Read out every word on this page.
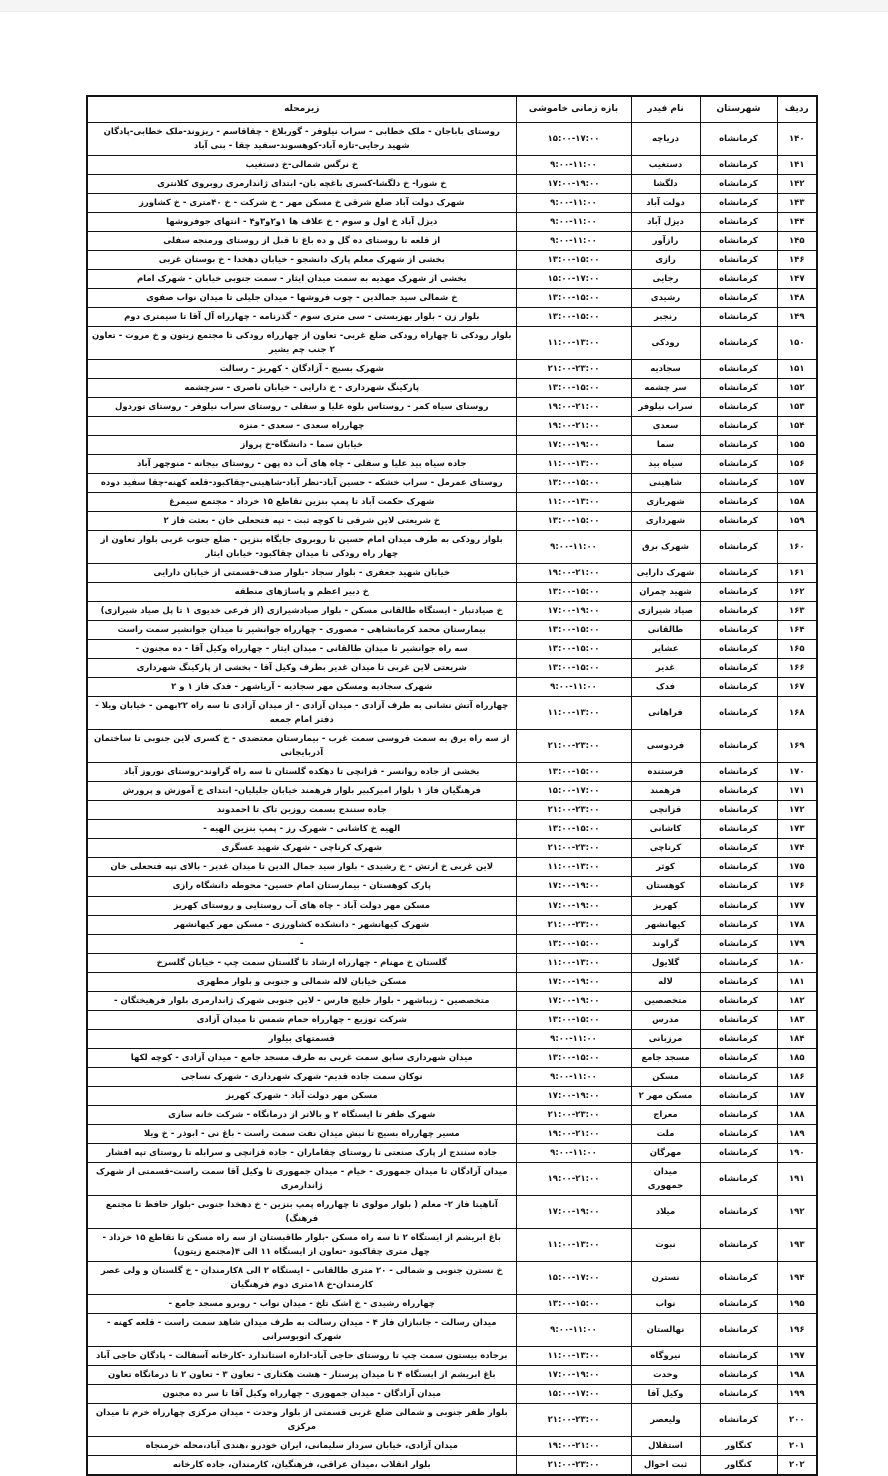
ردیف	شهرستان	نام فیدر	بازه زمانی خاموشی	زیرمحله
۱۴۰	کرمانشاه	دریاچه	۱۵:۰۰-۱۷:۰۰	روستای باباجان - ملک خطابی - سراب نیلوفر - گوربلاغ - چقاقاسم - ریزوند-ملک خطابی-پادگان شهید رجایی-تازه آباد-کوهسوند-سفید چقا - بنی آباد
۱۴۱	کرمانشاه	دستغیب	۹:۰۰-۱۱:۰۰	خ نرگس شمالی-خ دستغیب
۱۴۲	کرمانشاه	دلگشا	۱۷:۰۰-۱۹:۰۰	خ شورا- خ دلگشا-کسری باغچه بان- ابتدای ژاندارمری روبروی کلانتری
۱۴۳	کرمانشاه	دولت آباد	۹:۰۰-۱۱:۰۰	شهرک دولت آباد ضلع شرقی خ مسکن مهر - خ شرکت - خ ۴۰متری - خ کشاورز
۱۴۴	کرمانشاه	دیزل آباد	۹:۰۰-۱۱:۰۰	دیزل آباد خ اول و سوم - خ علاف ها ۱و۲و۳و۴ - انتهای جوفروشها
۱۴۵	کرمانشاه	رازآور	۹:۰۰-۱۱:۰۰	از قلعه تا روستای ده گل و ده باغ تا قبل از روستای ورمنجه سفلی
۱۴۶	کرمانشاه	رازی	۱۳:۰۰-۱۵:۰۰	بخشی از شهرک معلم پارک دانشجو - خیابان دهخدا - خ بوستان غربی
۱۴۷	کرمانشاه	رجایی	۱۵:۰۰-۱۷:۰۰	بخشی از شهرک مهدیه به سمت میدان ایثار - سمت جنوبی خیابان - شهرک امام
۱۴۸	کرمانشاه	رشیدی	۱۳:۰۰-۱۵:۰۰	خ شمالی سید جمالدین - چوب فروشها - میدان جلیلی تا میدان نواب صفوی
۱۴۹	کرمانشاه	رنجبر	۱۳:۰۰-۱۵:۰۰	بلوار زن - بلوار بهزیستی - سی متری سوم - گذرنامه - چهارراه آل آقا تا سیمتری دوم
۱۵۰	کرمانشاه	رودکی	۱۱:۰۰-۱۳:۰۰	بلوار رودکی تا چهاراه رودکی ضلع غربی- تعاون از چهارراه رودکی تا مجتمع زیتون و خ مروت - تعاون ۲ جنب چم بشیر
۱۵۱	کرمانشاه	سجادیه	۲۱:۰۰-۲۳:۰۰	شهرک بسیج - آزادگان - کهریز - رسالت
۱۵۲	کرمانشاه	سر چشمه	۱۳:۰۰-۱۵:۰۰	پارکینگ شهرداری - خ دارایی - خیابان ناصری - سرچشمه
۱۵۳	کرمانشاه	سراب نیلوفر	۱۹:۰۰-۲۱:۰۰	روستای سیاه کمر - روستاس بلوه علیا و سفلی - روستای سراب نیلوفر - روستای توردول
۱۵۴	کرمانشاه	سعدی	۱۹:۰۰-۲۱:۰۰	چهارراه سعدی - سعدی - منزه
۱۵۵	کرمانشاه	سما	۱۷:۰۰-۱۹:۰۰	خیابان سما - دانشگاه-خ پرواز
۱۵۶	کرمانشاه	سیاه بید	۱۱:۰۰-۱۳:۰۰	جاده سیاه بید علیا و سفلی - چاه های آب ده پهن - روستای بیجانه - منوچهر آباد
۱۵۷	کرمانشاه	شاهینی	۱۳:۰۰-۱۵:۰۰	روستای عمرمل - سراب خشکه - حسین آباد-نظر آباد-شاهینی-چقاکبود-قلعه کهنه-چقا سفید دوده
۱۵۸	کرمانشاه	شهربازی	۱۱:۰۰-۱۳:۰۰	شهرک حکمت آباد تا پمپ بنزین تقاطع ۱۵ خرداد - مجتمع سیمرغ
۱۵۹	کرمانشاه	شهرداری	۱۳:۰۰-۱۵:۰۰	خ شریعتی لاین شرقی تا کوچه ثبت - تپه فتحعلی خان - بعثت فاز ۲
۱۶۰	کرمانشاه	شهرک برق	۹:۰۰-۱۱:۰۰	بلوار رودکی به طرف میدان امام حسین تا روبروی جایگاه بنزین - ضلع جنوب غربی بلوار تعاون از چهار راه رودکی تا میدان چقاکبود- خیابان ایثار
۱۶۱	کرمانشاه	شهرک دارایی	۱۹:۰۰-۲۱:۰۰	خیابان شهید جعفری - بلوار سجاد -بلوار صدف-قسمتی از خیابان دارایی
۱۶۲	کرمانشاه	شهید چمران	۱۳:۰۰-۱۵:۰۰	خ دبیر اعظم و پاساژهای منطقه
۱۶۳	کرمانشاه	صیاد شیرازی	۱۷:۰۰-۱۹:۰۰	خ صیادتبار - ایستگاه طالقانی مسکن - بلوار صیادشیرازی (از فرعی خدیوی ۱ تا پل صیاد شیرازی)
۱۶۴	کرمانشاه	طالقانی	۱۳:۰۰-۱۵:۰۰	بیمارستان محمد کرمانشاهی - مصوری - چهارراه جوانشیر تا میدان جوانشیر سمت راست
۱۶۵	کرمانشاه	عشایر	۱۳:۰۰-۱۵:۰۰	سه راه جوانشیر تا میدان طالقانی - میدان ایثار - چهارراه وکیل آقا - ده مجنون -
۱۶۶	کرمانشاه	غدیر	۱۳:۰۰-۱۵:۰۰	شریعتی لاین غربی تا میدان غدیر بطرف وکیل آقا - بخشی از پارکینگ شهرداری
۱۶۷	کرمانشاه	فدک	۹:۰۰-۱۱:۰۰	شهرک سجادیه ومسکن مهر سجادیه - آریاشهر - فدک فاز ۱ و ۲
۱۶۸	کرمانشاه	فراهانی	۱۱:۰۰-۱۳:۰۰	چهارراه آتش نشانی به طرف آزادی - میدان آزادی - از میدان آزادی تا سه راه ۲۲بهمن - خیابان ویلا - دفتر امام جمعه
۱۶۹	کرمانشاه	فردوسی	۲۱:۰۰-۲۳:۰۰	از سه راه برق به سمت فروسی سمت غرب - بیمارستان معتضدی - خ کسری لاین جنوبی تا ساختمان آذربایجانی
۱۷۰	کرمانشاه	فرستنده	۱۳:۰۰-۱۵:۰۰	بخشی از جاده روانسر - قزانچی تا دهکده گلستان تا سه راه گراوند-روستای نوروز آباد
۱۷۱	کرمانشاه	فرهمند	۱۵:۰۰-۱۷:۰۰	فرهنگیان فاز ۱ بلوار امیرکبیر بلوار فرهمند خیابان جلیلیان- ابتدای خ آموزش و پرورش
۱۷۲	کرمانشاه	قزانچی	۲۱:۰۰-۲۳:۰۰	جاده سنندج بسمت روزین تاک تا احمدوند
۱۷۳	کرمانشاه	کاشانی	۱۳:۰۰-۱۵:۰۰	الهیه خ کاشانی - شهرک رز - پمپ بنزین الهیه -
۱۷۴	کرمانشاه	کرناچی	۲۱:۰۰-۲۳:۰۰	شهرک کرناچی - شهرک شهید عسگری
۱۷۵	کرمانشاه	کوثر	۱۱:۰۰-۱۳:۰۰	لاین غربی خ ارتش - خ رشیدی - بلوار سید جمال الدین تا میدان غدیر - بالای تپه فتحعلی خان
۱۷۶	کرمانشاه	کوهستان	۱۷:۰۰-۱۹:۰۰	پارک کوهستان - بیمارستان امام حسین- محوطه دانشگاه رازی
۱۷۷	کرمانشاه	کهریز	۱۷:۰۰-۱۹:۰۰	مسکن مهر دولت آباد - چاه های آب روستایی و روستای کهریز
۱۷۸	کرمانشاه	کیهانشهر	۲۱:۰۰-۲۳:۰۰	شهرک کیهانشهر - دانشکده کشاورزی - مسکن مهر کیهانشهر
۱۷۹	کرمانشاه	گراوند	۱۳:۰۰-۱۵:۰۰	-
۱۸۰	کرمانشاه	گلایول	۱۱:۰۰-۱۳:۰۰	گلستان خ مهنام - چهارراه ارشاد تا گلستان سمت چپ - خیابان گلسرخ
۱۸۱	کرمانشاه	لاله	۱۷:۰۰-۱۹:۰۰	مسکن خیابان لاله شمالی و جنوبی و بلوار مطهری
۱۸۲	کرمانشاه	متخصصین	۱۷:۰۰-۱۹:۰۰	متخصصین - زیباشهر - بلوار خلیج فارس - لاین جنوبی شهرک ژاندارمری بلوار فرهیختگان -
۱۸۳	کرمانشاه	مدرس	۱۳:۰۰-۱۵:۰۰	شرکت توزیع - چهارراه حمام شمس تا میدان آزادی
۱۸۴	کرمانشاه	مرزبانی	۹:۰۰-۱۱:۰۰	قسمتهای بیلوار
۱۸۵	کرمانشاه	مسجد جامع	۱۳:۰۰-۱۵:۰۰	میدان شهرداری سابق سمت غربی به طرف مسجد جامع - میدان آزادی - کوچه لکها
۱۸۶	کرمانشاه	مسکن	۹:۰۰-۱۱:۰۰	نوکان سمت جاده قدیم- شهرک شهرداری - شهرک نساجی
۱۸۷	کرمانشاه	مسکن مهر ۲	۱۷:۰۰-۱۹:۰۰	مسکن مهر دولت آباد - شهرک کهریز
۱۸۸	کرمانشاه	معراج	۲۱:۰۰-۲۳:۰۰	شهرک ظفر تا ایستگاه ۲ و بالاتر از درمانگاه - شرکت خانه سازی
۱۸۹	کرمانشاه	ملت	۱۹:۰۰-۲۱:۰۰	مسیر چهارراه بسیج تا نبش میدان نفت سمت راست - باغ نی - ابوذر - خ ویلا
۱۹۰	کرمانشاه	مهرگان	۹:۰۰-۱۱:۰۰	جاده سنندج از پارک صنعتی تا روستای چقاماران - جاده قزانچی و سرابله تا روستای تپه افشار
۱۹۱	کرمانشاه	میدان جمهوری	۱۹:۰۰-۲۱:۰۰	میدان آزادگان تا میدان جمهوری - خیام - میدان جمهوری تا وکیل آقا سمت راست-قسمتی از شهرک ژاندارمری
۱۹۲	کرمانشاه	میلاد	۱۷:۰۰-۱۹:۰۰	آناهیتا فاز ۲- معلم ( بلوار مولوی تا چهارراه پمپ بنزین - خ دهخدا جنوبی -بلوار حافظ تا مجتمع فرهنگ)
۱۹۳	کرمانشاه	نبوت	۱۱:۰۰-۱۳:۰۰	باغ ابریشم از ایستگاه ۲ تا سه راه مسکن -بلوار طاقبستان از سه راه مسکن تا تقاطع ۱۵ خرداد - چهل متری چقاکبود -تعاون از ایستگاه ۱۱ الی ۴(مجتمع زیتون)
۱۹۴	کرمانشاه	نسترن	۱۵:۰۰-۱۷:۰۰	خ نسترن جنوبی و شمالی - ۲۰ متری طالقانی - ایستگاه ۲ الی ۸کارمندان - خ گلستان و ولی عصر کارمندان-خ ۱۸متری دوم فرهنگیان
۱۹۵	کرمانشاه	نواب	۱۳:۰۰-۱۵:۰۰	چهارراه رشیدی - خ اشک تلخ - میدان نواب - روبرو مسجد جامع -
۱۹۶	کرمانشاه	نهالستان	۹:۰۰-۱۱:۰۰	میدان رسالت - جانبازان فاز ۴ - میدان رسالت به طرف میدان شاهد سمت راست - قلعه کهنه - شهرک اتوبوسرانی
۱۹۷	کرمانشاه	نیروگاه	۱۱:۰۰-۱۳:۰۰	برجاده بیستون سمت چپ تا روستای حاجی آباد-اداره استاندارد -کارخانه آسفالت - پادگان حاجی آباد
۱۹۸	کرمانشاه	وحدت	۱۷:۰۰-۱۹:۰۰	باغ ابریشم از ایستگاه ۴ تا میدان پرستار - هشت هکتاری - تعاون ۳ - تعاون ۲ تا درمانگاه تعاون
۱۹۹	کرمانشاه	وکیل آقا	۱۵:۰۰-۱۷:۰۰	میدان آزادگان - میدان جمهوری - چهارراه وکیل آقا تا سر ده مجنون
۲۰۰	کرمانشاه	ولیعصر	۲۱:۰۰-۲۳:۰۰	بلوار ظفر جنوبی و شمالی ضلع غربی قسمتی از بلوار وحدت - میدان مرکزی چهارراه خرم تا میدان مرکزی
۲۰۱	کنگاور	استقلال	۱۹:۰۰-۲۱:۰۰	میدان آزادی، خیابان سردار سلیمانی، ایران خودرو ،هندی آباد،محله خرمنجاه
۲۰۲	کنگاور	ثبت احوال	۲۱:۰۰-۲۳:۰۰	بلوار انقلاب ،میدان عراقی، فرهنگیان، کارمندان، جاده کارخانه
